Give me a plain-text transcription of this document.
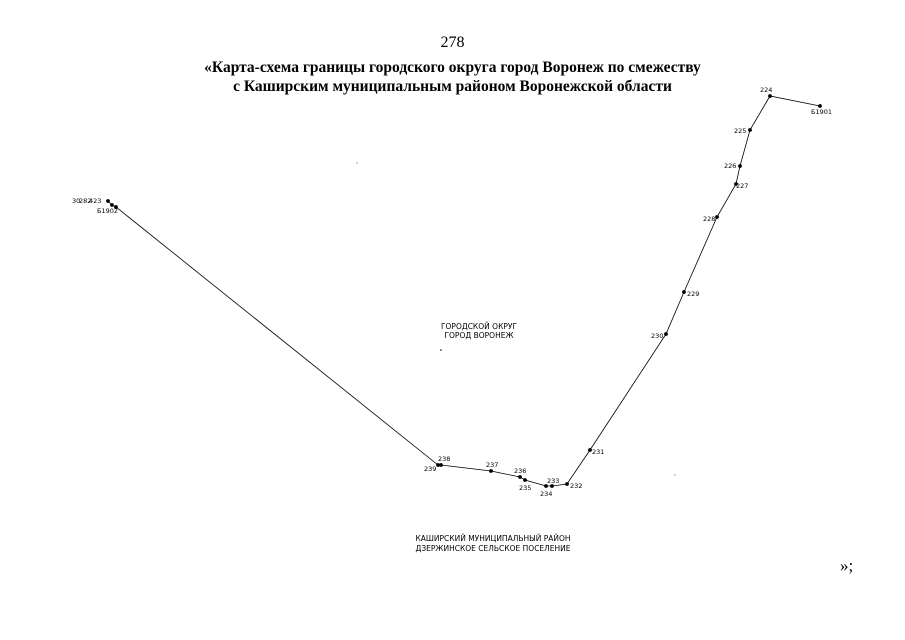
278
«Карта-схема границы городского округа город Воронеж по смежеству
с Каширским муниципальным районом Воронежской области
Б1901
224
225
226
227
228
229
230
231
232
233
234
235
236
237
238
239
Б1902
30
282
423
ГОРОДСКОЙ ОКРУГ
ГОРОД ВОРОНЕЖ
КАШИРСКИЙ МУНИЦИПАЛЬНЫЙ РАЙОН
ДЗЕРЖИНСКОЕ СЕЛЬСКОЕ ПОСЕЛЕНИЕ
»;
